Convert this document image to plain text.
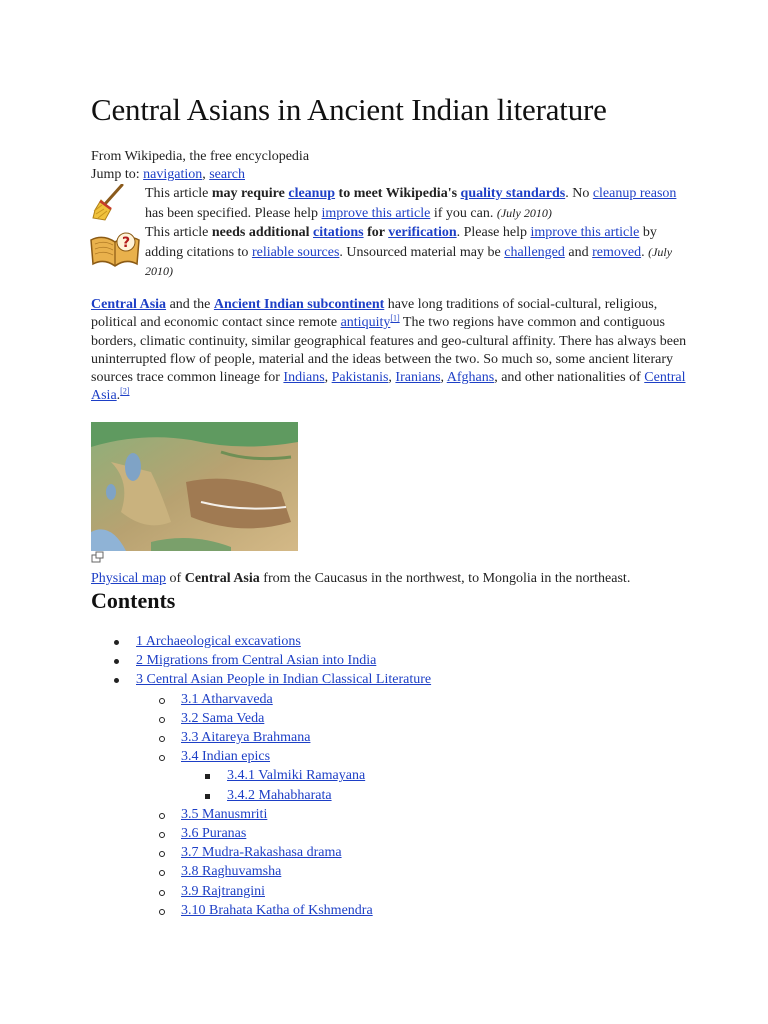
Central Asians in Ancient Indian literature
From Wikipedia, the free encyclopedia
Jump to: navigation, search
This article may require cleanup to meet Wikipedia's quality standards. No cleanup reason has been specified. Please help improve this article if you can. (July 2010)
?
This article needs additional citations for verification. Please help improve this article by adding citations to reliable sources. Unsourced material may be challenged and removed. (July 2010)

Central Asia and the Ancient Indian subcontinent have long traditions of social-cultural, religious, political and economic contact since remote antiquity[1] The two regions have common and contiguous borders, climatic continuity, similar geographical features and geo-cultural affinity. There has always been uninterrupted flow of people, material and the ideas between the two. So much so, some ancient literary sources trace common lineage for Indians, Pakistanis, Iranians, Afghans, and other nationalities of Central Asia.[2]

Physical map of Central Asia from the Caucasus in the northwest, to Mongolia in the northeast.
Contents
1 Archaeological excavations
2 Migrations from Central Asian into India
3 Central Asian People in Indian Classical Literature
3.1 Atharvaveda
3.2 Sama Veda
3.3 Aitareya Brahmana
3.4 Indian epics
3.4.1 Valmiki Ramayana
3.4.2 Mahabharata
3.5 Manusmriti
3.6 Puranas
3.7 Mudra-Rakashasa drama
3.8 Raghuvamsha
3.9 Rajtrangini
3.10 Brahata Katha of Kshmendra
